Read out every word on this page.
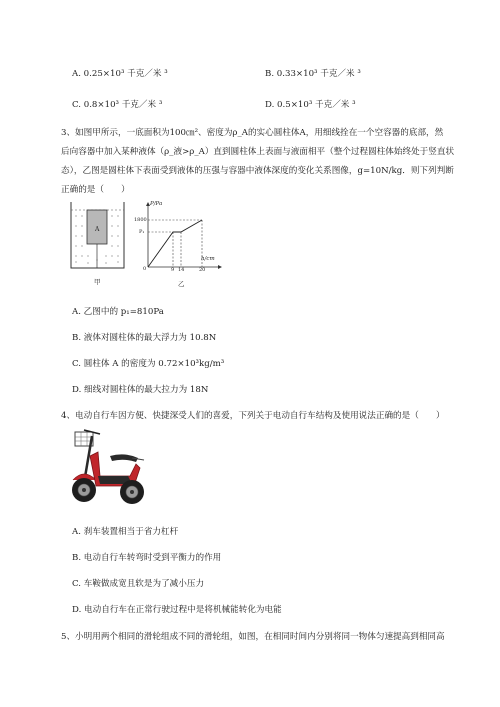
A. 0.25×10³ 千克／米 ³	B. 0.33×10³ 千克／米 ³
C. 0.8×10³ 千克／米 ³	D. 0.5×10³ 千克／米 ³
3、如图甲所示，一底面积为100㎝²、密度为ρ_A的实心圆柱体A，用细线拴在一个空容器的底部，然
后向容器中加入某种液体（ρ_液>ρ_A）直到圆柱体上表面与液面相平（整个过程圆柱体始终处于竖直状
态），乙图是圆柱体下表面受到液体的压强与容器中液体深度的变化关系图像，g=10N/kg．则下列判断
正确的是（　　）
A
甲
P/Pa
1800
P₁
0	9 14	20
h/cm
乙
A. 乙图中的 p₁=810Pa
B. 液体对圆柱体的最大浮力为 10.8N
C. 圆柱体 A 的密度为 0.72×10³kg/m³
D. 细线对圆柱体的最大拉力为 18N
4、电动自行车因方便、快捷深受人们的喜爱，下列关于电动自行车结构及使用说法正确的是（　　）
A. 刹车装置相当于省力杠杆
B. 电动自行车转弯时受到平衡力的作用
C. 车鞍做成宽且软是为了减小压力
D. 电动自行车在正常行驶过程中是将机械能转化为电能
5、小明用两个相同的滑轮组成不同的滑轮组，如图，在相同时间内分别将同一物体匀速提高到相同高
